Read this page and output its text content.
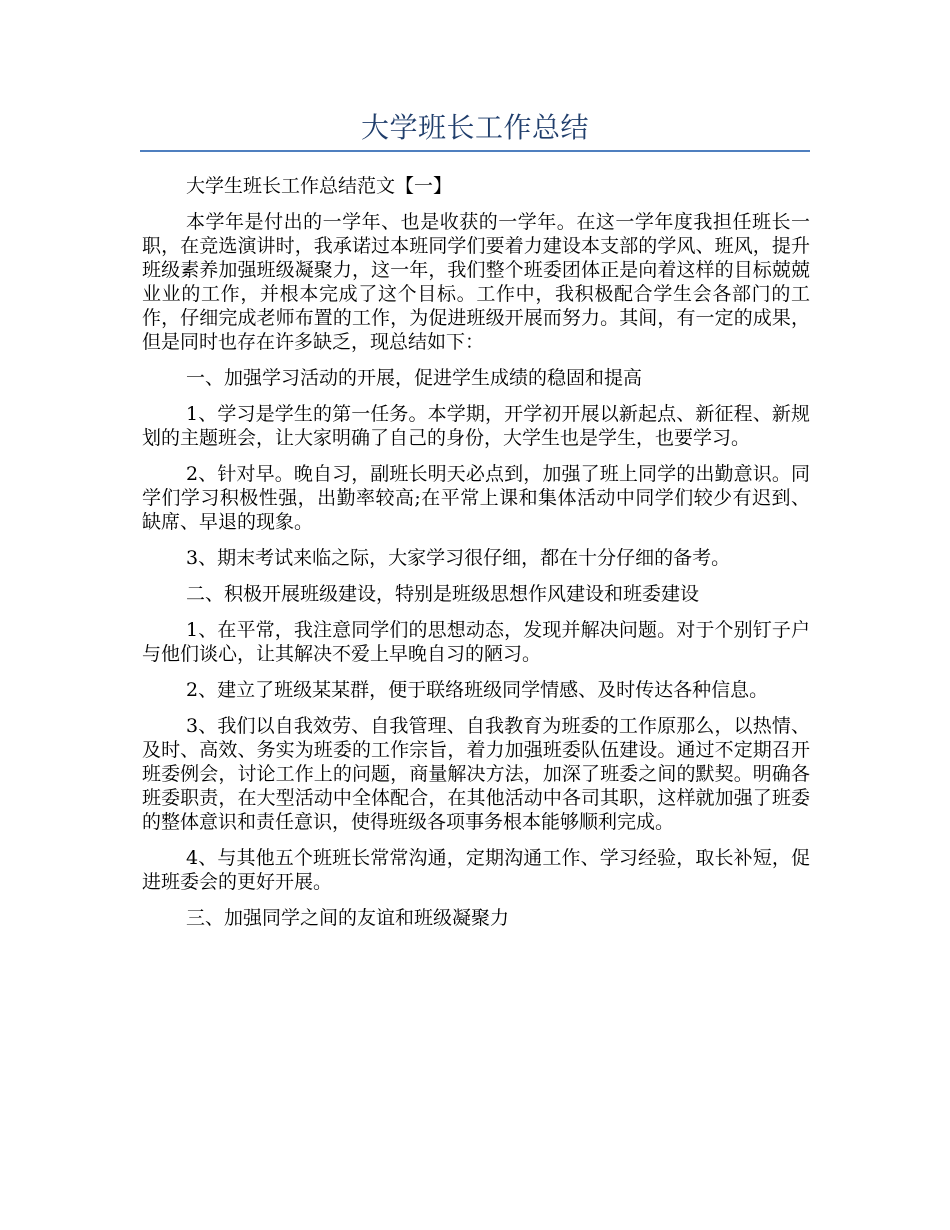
大学班长工作总结

大学生班长工作总结范文【一】

本学年是付出的一学年、也是收获的一学年。在这一学年度我担任班长一职，在竞选演讲时，我承诺过本班同学们要着力建设本支部的学风、班风，提升班级素养加强班级凝聚力，这一年，我们整个班委团体正是向着这样的目标兢兢业业的工作，并根本完成了这个目标。工作中，我积极配合学生会各部门的工作，仔细完成老师布置的工作，为促进班级开展而努力。其间，有一定的成果，但是同时也存在许多缺乏，现总结如下：

一、加强学习活动的开展，促进学生成绩的稳固和提高

1、学习是学生的第一任务。本学期，开学初开展以新起点、新征程、新规划的主题班会，让大家明确了自己的身份，大学生也是学生，也要学习。

2、针对早。晚自习，副班长明天必点到，加强了班上同学的出勤意识。同学们学习积极性强，出勤率较高;在平常上课和集体活动中同学们较少有迟到、缺席、早退的现象。

3、期末考试来临之际，大家学习很仔细，都在十分仔细的备考。

二、积极开展班级建设，特别是班级思想作风建设和班委建设

1、在平常，我注意同学们的思想动态，发现并解决问题。对于个别钉子户与他们谈心，让其解决不爱上早晚自习的陋习。

2、建立了班级某某群，便于联络班级同学情感、及时传达各种信息。

3、我们以自我效劳、自我管理、自我教育为班委的工作原那么，以热情、及时、高效、务实为班委的工作宗旨，着力加强班委队伍建设。通过不定期召开班委例会，讨论工作上的问题，商量解决方法，加深了班委之间的默契。明确各班委职责，在大型活动中全体配合，在其他活动中各司其职，这样就加强了班委的整体意识和责任意识，使得班级各项事务根本能够顺利完成。

4、与其他五个班班长常常沟通，定期沟通工作、学习经验，取长补短，促进班委会的更好开展。

三、加强同学之间的友谊和班级凝聚力
